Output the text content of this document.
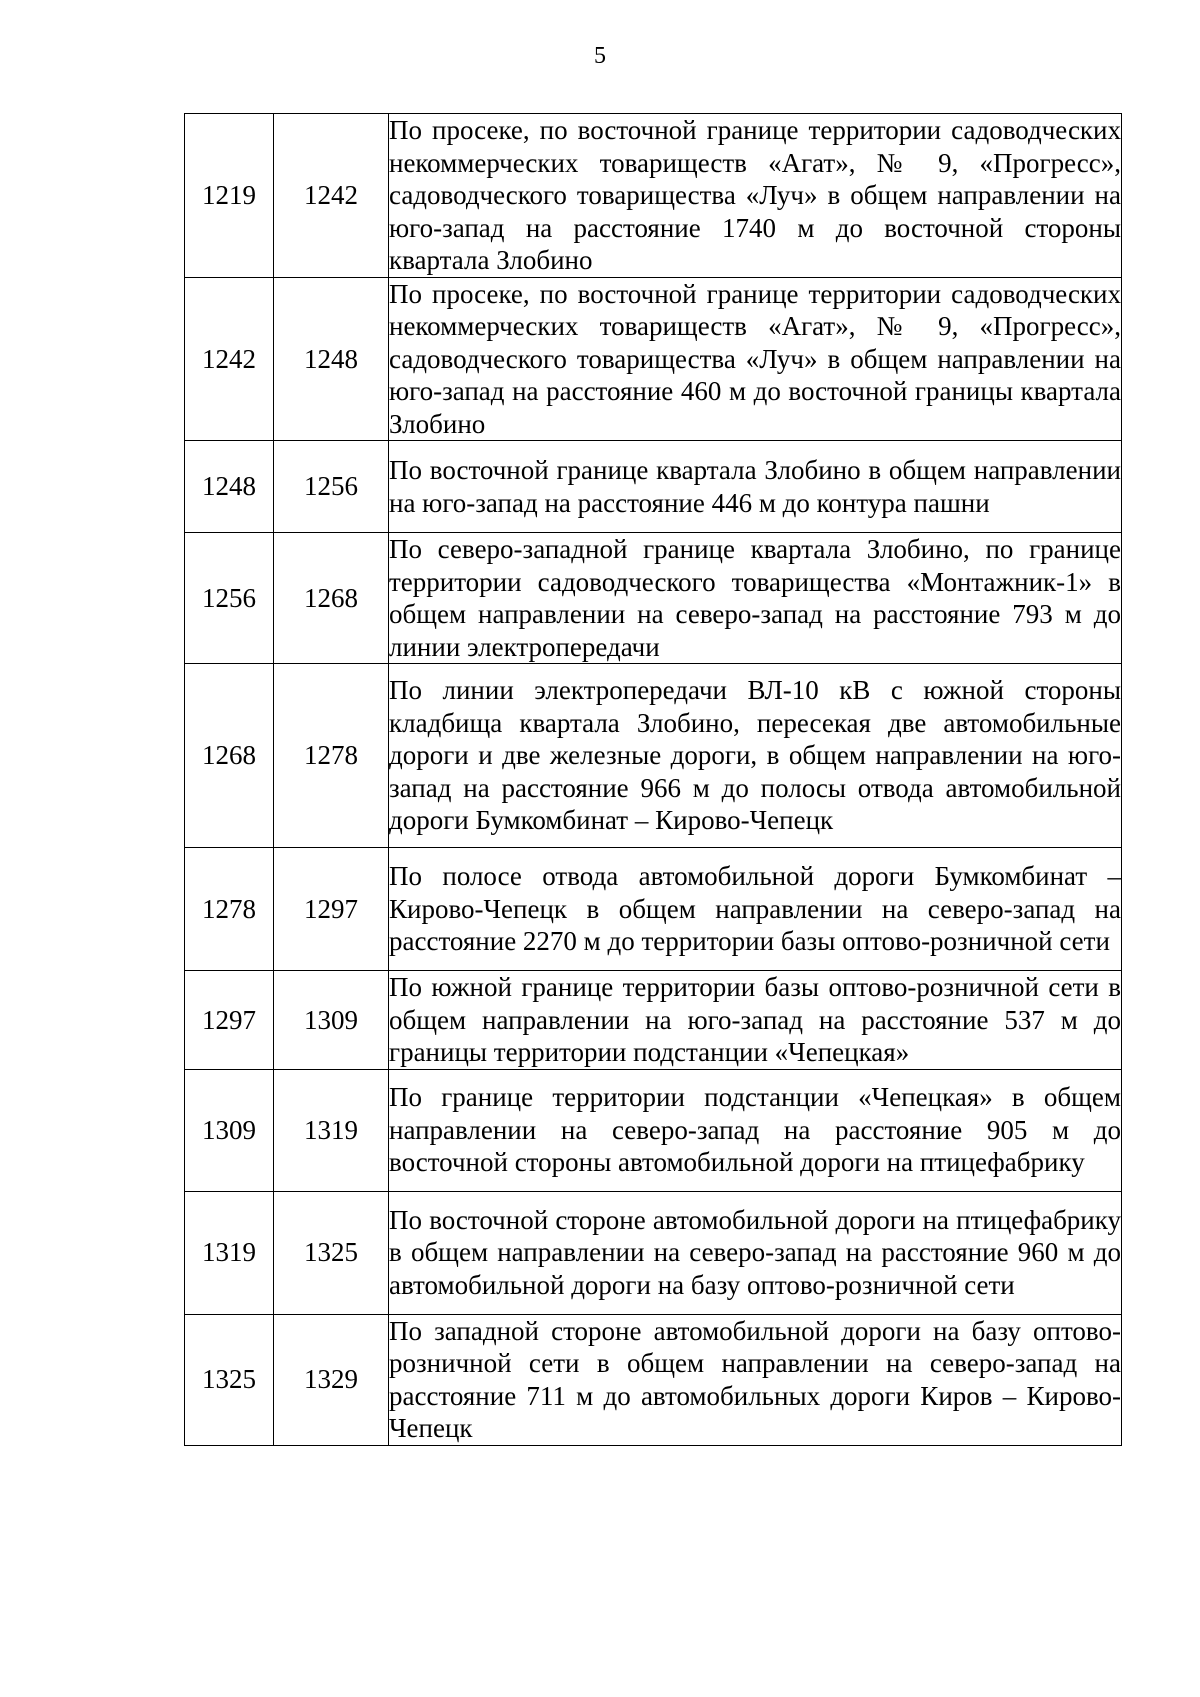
5
1219	1242	По просеке, по восточной границе территории садоводческих некоммерческих товариществ «Агат», № 9, «Прогресс», садоводческого товарищества «Луч» в общем направлении на юго-запад на расстояние 1740 м до восточной стороны квартала Злобино
1242	1248	По просеке, по восточной границе территории садоводческих некоммерческих товариществ «Агат», № 9, «Прогресс», садоводческого товарищества «Луч» в общем направлении на юго-запад на расстояние 460 м до восточной границы квартала Злобино
1248	1256	По восточной границе квартала Злобино в общем направлении на юго-запад на расстояние 446 м до контура пашни
1256	1268	По северо-западной границе квартала Злобино, по границе территории садоводческого товарищества «Монтажник-1» в общем направлении на северо-запад на расстояние 793 м до линии электропередачи
1268	1278	По линии электропередачи ВЛ-10 кВ с южной стороны кладбища квартала Злобино, пересекая две автомобильные дороги и две железные дороги, в общем направлении на юго-запад на расстояние 966 м до полосы отвода автомобильной дороги Бумкомбинат – Кирово-Чепецк
1278	1297	По полосе отвода автомобильной дороги Бумкомбинат – Кирово-Чепецк в общем направлении на северо-запад на расстояние 2270 м до территории базы оптово-розничной сети
1297	1309	По южной границе территории базы оптово-розничной сети в общем направлении на юго-запад на расстояние 537 м до границы территории подстанции «Чепецкая»
1309	1319	По границе территории подстанции «Чепецкая» в общем направлении на северо-запад на расстояние 905 м до восточной стороны автомобильной дороги на птицефабрику
1319	1325	По восточной стороне автомобильной дороги на птицефабрику в общем направлении на северо-запад на расстояние 960 м до автомобильной дороги на базу оптово-розничной сети
1325	1329	По западной стороне автомобильной дороги на базу оптово-розничной сети в общем направлении на северо-запад на расстояние 711 м до автомобильных дороги Киров – Кирово-Чепецк
